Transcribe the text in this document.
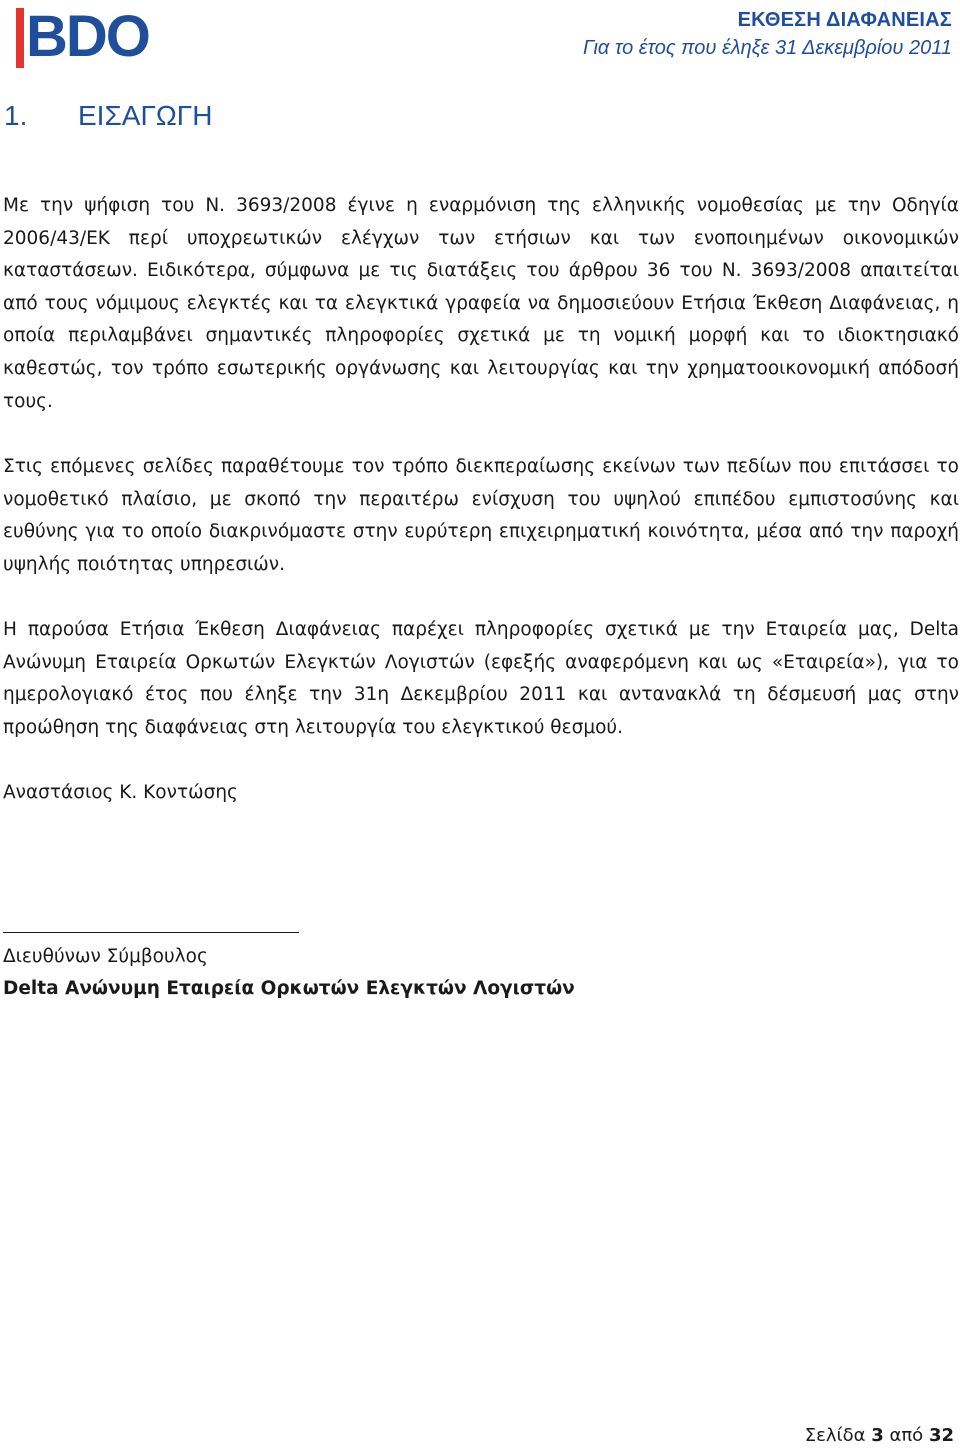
BDO	ΕΚΘΕΣΗ ΔΙΑΦΑΝΕΙΑΣ
Για το έτος που έληξε 31 Δεκεμβρίου 2011
1. ΕΙΣΑΓΩΓΗ

Με την ψήφιση του Ν. 3693/2008 έγινε η εναρμόνιση της ελληνικής νομοθεσίας με την Οδηγία 2006/43/ΕΚ περί υποχρεωτικών ελέγχων των ετήσιων και των ενοποιημένων οικονομικών καταστάσεων. Ειδικότερα, σύμφωνα με τις διατάξεις του άρθρου 36 του Ν. 3693/2008 απαιτείται από τους νόμιμους ελεγκτές και τα ελεγκτικά γραφεία να δημοσιεύουν Ετήσια Έκθεση Διαφάνειας, η οποία περιλαμβάνει σημαντικές πληροφορίες σχετικά με τη νομική μορφή και το ιδιοκτησιακό καθεστώς, τον τρόπο εσωτερικής οργάνωσης και λειτουργίας και την χρηματοοικονομική απόδοσή τους.

Στις επόμενες σελίδες παραθέτουμε τον τρόπο διεκπεραίωσης εκείνων των πεδίων που επιτάσσει το νομοθετικό πλαίσιο, με σκοπό την περαιτέρω ενίσχυση του υψηλού επιπέδου εμπιστοσύνης και ευθύνης για το οποίο διακρινόμαστε στην ευρύτερη επιχειρηματική κοινότητα, μέσα από την παροχή υψηλής ποιότητας υπηρεσιών.

Η παρούσα Ετήσια Έκθεση Διαφάνειας παρέχει πληροφορίες σχετικά με την Εταιρεία μας, Delta Ανώνυμη Εταιρεία Ορκωτών Ελεγκτών Λογιστών (εφεξής αναφερόμενη και ως «Εταιρεία»), για το ημερολογιακό έτος που έληξε την 31η Δεκεμβρίου 2011 και αντανακλά τη δέσμευσή μας στην προώθηση της διαφάνειας στη λειτουργία του ελεγκτικού θεσμού.

Αναστάσιος Κ. Κοντώσης
Διευθύνων Σύμβουλος
Delta Ανώνυμη Εταιρεία Ορκωτών Ελεγκτών Λογιστών
Σελίδα 3 από 32
